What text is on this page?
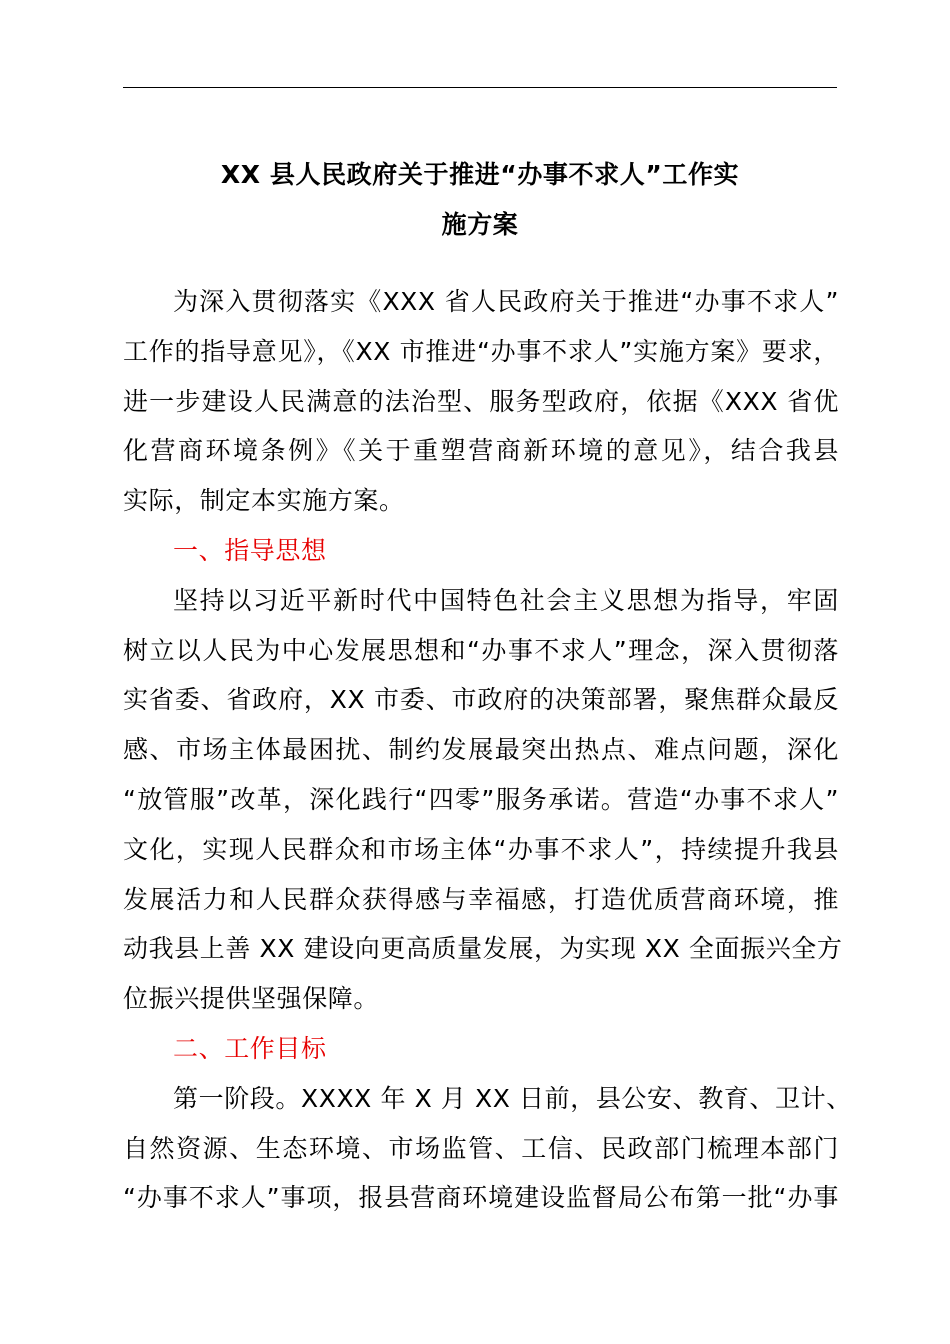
XX 县人民政府关于推进“办事不求人”工作实
施方案
为深入贯彻落实《XXX 省人民政府关于推进“办事不求人”
工作的指导意见》，《XX 市推进“办事不求人”实施方案》要求，
进一步建设人民满意的法治型、服务型政府，依据《XXX 省优
化营商环境条例》《关于重塑营商新环境的意见》，结合我县
实际，制定本实施方案。
一、指导思想
坚持以习近平新时代中国特色社会主义思想为指导，牢固
树立以人民为中心发展思想和“办事不求人”理念，深入贯彻落
实省委、省政府，XX 市委、市政府的决策部署，聚焦群众最反
感、市场主体最困扰、制约发展最突出热点、难点问题，深化
“放管服”改革，深化践行“四零”服务承诺。营造“办事不求人”
文化，实现人民群众和市场主体“办事不求人”，持续提升我县
发展活力和人民群众获得感与幸福感，打造优质营商环境，推
动我县上善 XX 建设向更高质量发展，为实现 XX 全面振兴全方
位振兴提供坚强保障。
二、工作目标
第一阶段。XXXX 年 X 月 XX 日前，县公安、教育、卫计、
自然资源、生态环境、市场监管、工信、民政部门梳理本部门
“办事不求人”事项，报县营商环境建设监督局公布第一批“办事
